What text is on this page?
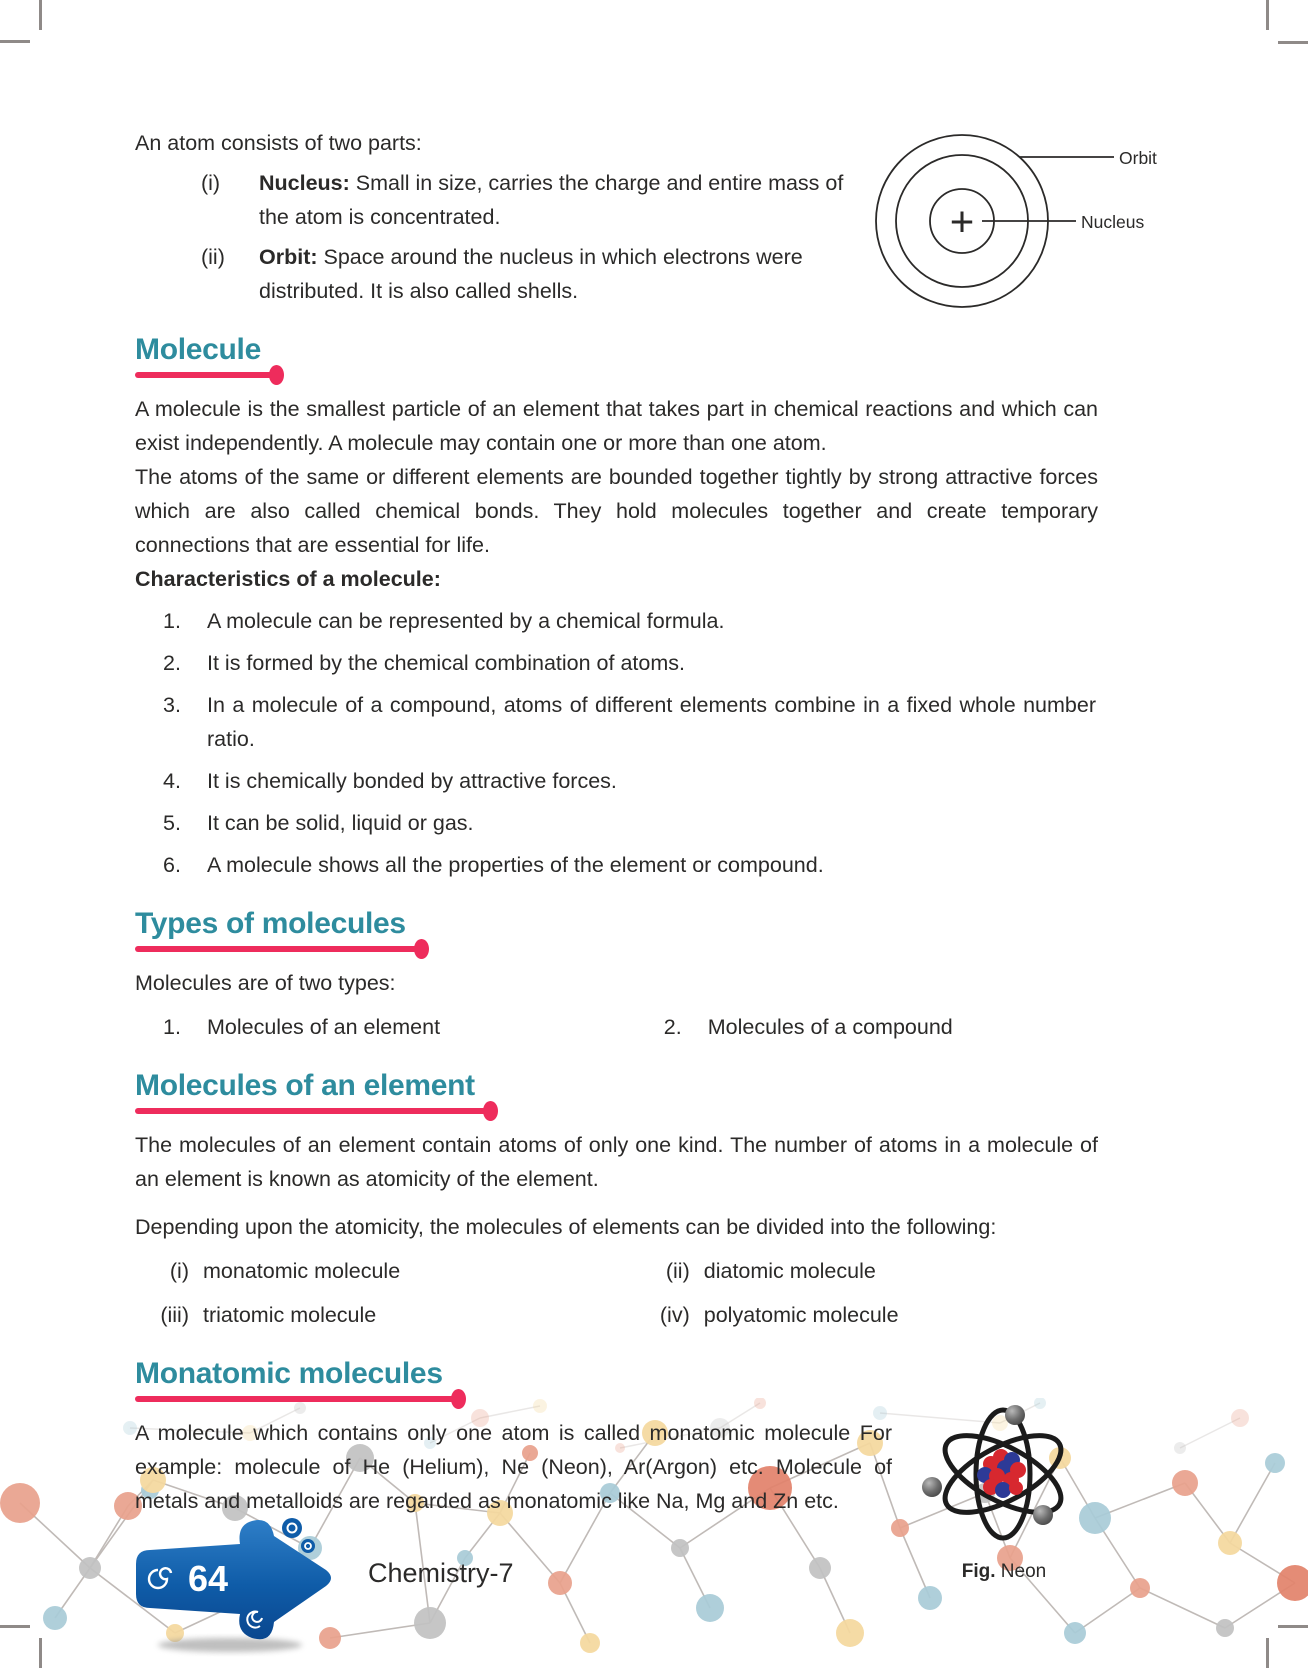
+
Orbit
Nucleus
An atom consists of two parts:
(i)	Nucleus: Small in size, carries the charge and entire mass of the atom is concentrated.
(ii)	Orbit: Space around the nucleus in which electrons were distributed. It is also called shells.
Molecule

A molecule is the smallest particle of an element that takes part in chemical reactions and which can exist independently. A molecule may contain one or more than one atom.

The atoms of the same or different elements are bounded together tightly by strong attractive forces which are also called chemical bonds. They hold molecules together and create temporary connections that are essential for life.

Characteristics of a molecule:
1.	A molecule can be represented by a chemical formula.
2.	It is formed by the chemical combination of atoms.
3.	In a molecule of a compound, atoms of different elements combine in a fixed whole number ratio.
4.	It is chemically bonded by attractive forces.
5.	It can be solid, liquid or gas.
6.	A molecule shows all the properties of the element or compound.
Types of molecules

Molecules are of two types:

1.	Molecules of an element	2.	Molecules of a compound
Molecules of an element

The molecules of an element contain atoms of only one kind. The number of atoms in a molecule of an element is known as atomicity of the element.

Depending upon the atomicity, the molecules of elements can be divided into the following:

(i) monatomic molecule	(ii) diatomic molecule
(iii) triatomic molecule	(iv) polyatomic molecule
Monatomic molecules
Fig. Neon

A molecule which contains only one atom is called monatomic molecule For example: molecule of He (Helium), Ne (Neon), Ar(Argon) etc. Molecule of metals and metalloids are regarded as monatomic like Na, Mg and Zn etc.

64	Chemistry-7
